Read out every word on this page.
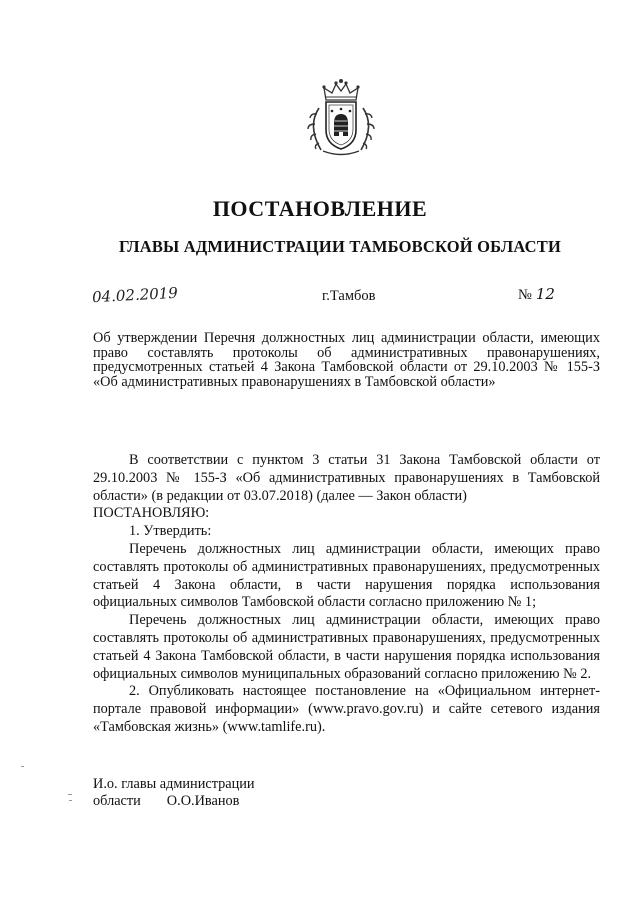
ПОСТАНОВЛЕНИЕ
ГЛАВЫ АДМИНИСТРАЦИИ ТАМБОВСКОЙ ОБЛАСТИ
04.02.2019	г.Тамбов	№ 12
Об утверждении Перечня должностных лиц администрации области, имеющих право составлять протоколы об административных правонарушениях, предусмотренных статьей 4 Закона Тамбовской области от 29.10.2003 № 155-З «Об административных правонарушениях в Тамбовской области»

В соответствии с пунктом 3 статьи 31 Закона Тамбовской области от 29.10.2003 № 155-З «Об административных правонарушениях в Тамбовской области» (в редакции от 03.07.2018) (далее — Закон области)

ПОСТАНОВЛЯЮ:

1. Утвердить:

Перечень должностных лиц администрации области, имеющих право составлять протоколы об административных правонарушениях, предусмотренных статьей 4 Закона области, в части нарушения порядка использования официальных символов Тамбовской области согласно приложению № 1;

Перечень должностных лиц администрации области, имеющих право составлять протоколы об административных правонарушениях, предусмотренных статьей 4 Закона Тамбовской области, в части нарушения порядка использования официальных символов муниципальных образований согласно приложению № 2.

2. Опубликовать настоящее постановление на «Официальном интернет-портале правовой информации» (www.pravo.gov.ru) и сайте сетевого издания «Тамбовская жизнь» (www.tamlife.ru).

И.о. главы администрации
области О.О.Иванов
